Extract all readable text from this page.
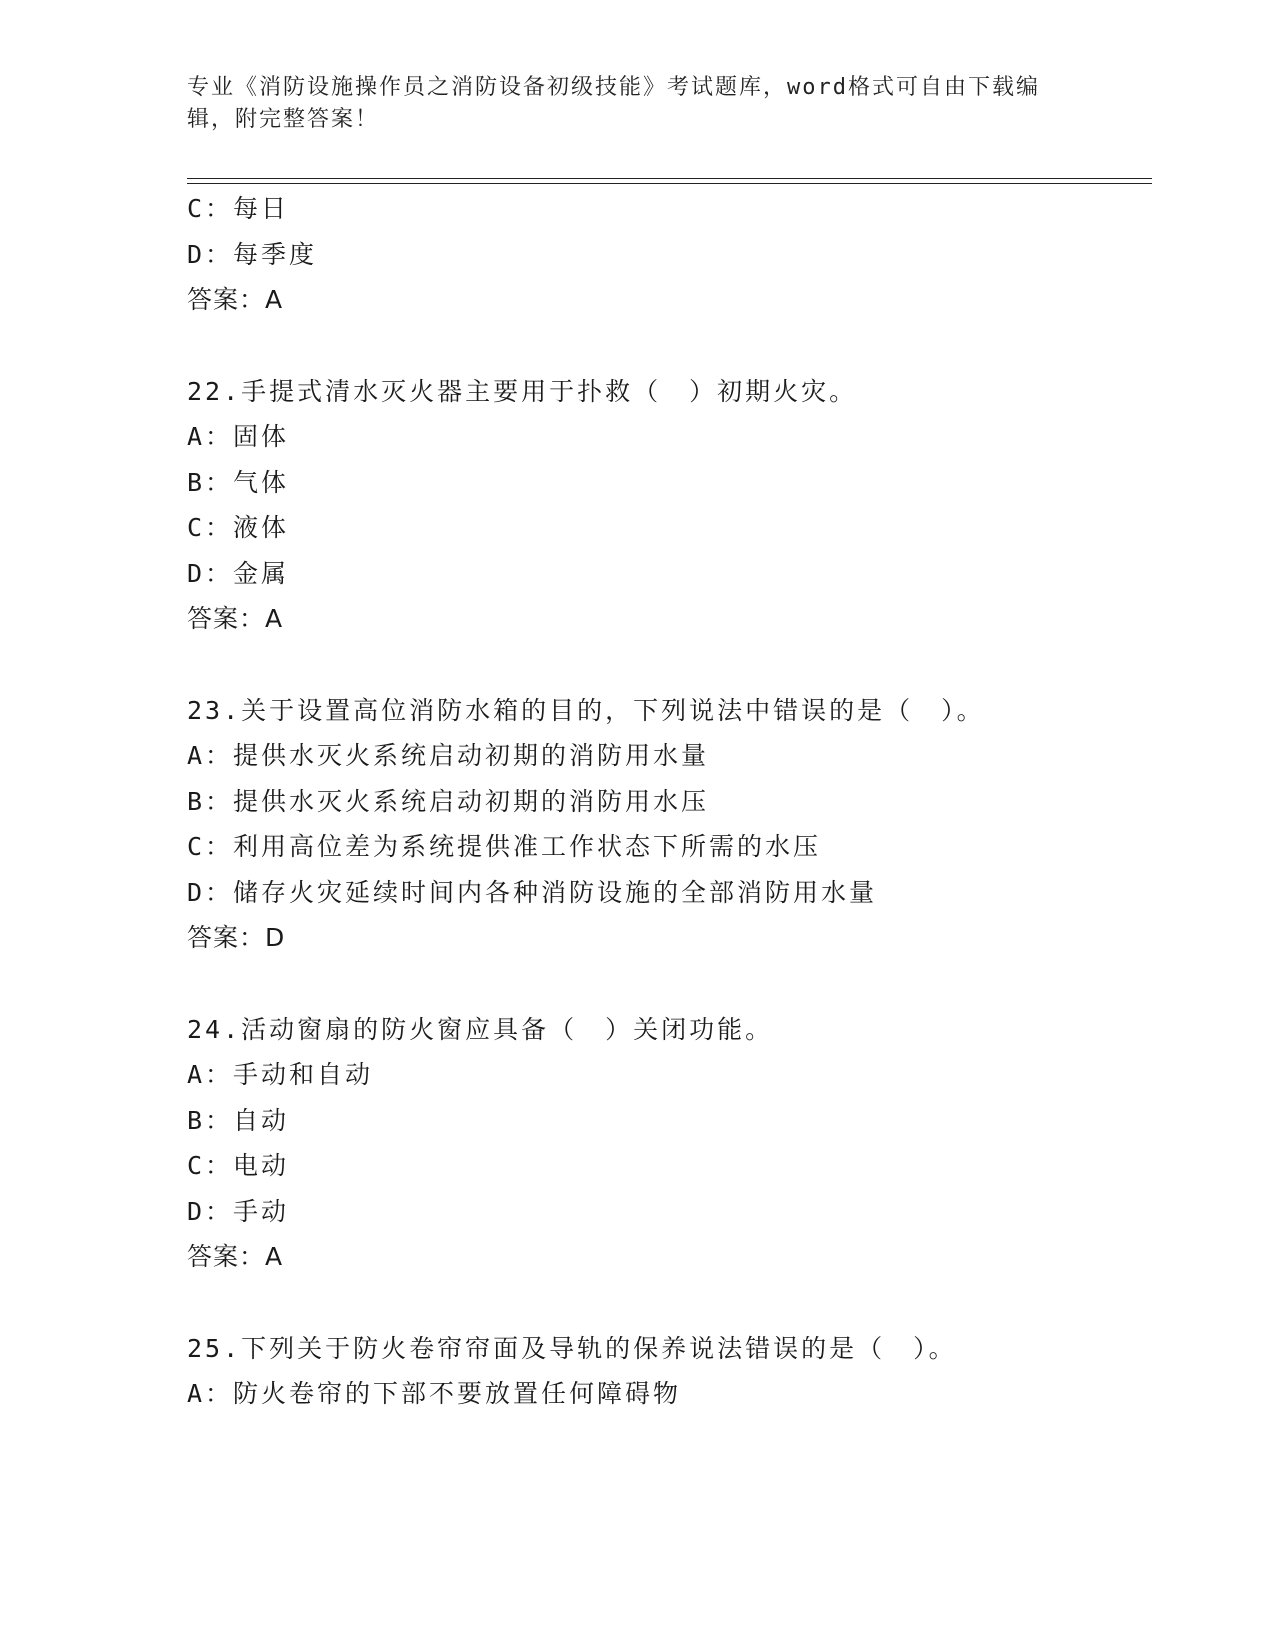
专业《消防设施操作员之消防设备初级技能》考试题库，word格式可自由下载编
辑，附完整答案！
C：每日
D：每季度
答案：A
22.手提式清水灭火器主要用于扑救（　）初期火灾。
A：固体
B：气体
C：液体
D：金属
答案：A
23.关于设置高位消防水箱的目的，下列说法中错误的是（　）。
A：提供水灭火系统启动初期的消防用水量
B：提供水灭火系统启动初期的消防用水压
C：利用高位差为系统提供准工作状态下所需的水压
D：储存火灾延续时间内各种消防设施的全部消防用水量
答案：D
24.活动窗扇的防火窗应具备（　）关闭功能。
A：手动和自动
B：自动
C：电动
D：手动
答案：A
25.下列关于防火卷帘帘面及导轨的保养说法错误的是（　）。
A：防火卷帘的下部不要放置任何障碍物
